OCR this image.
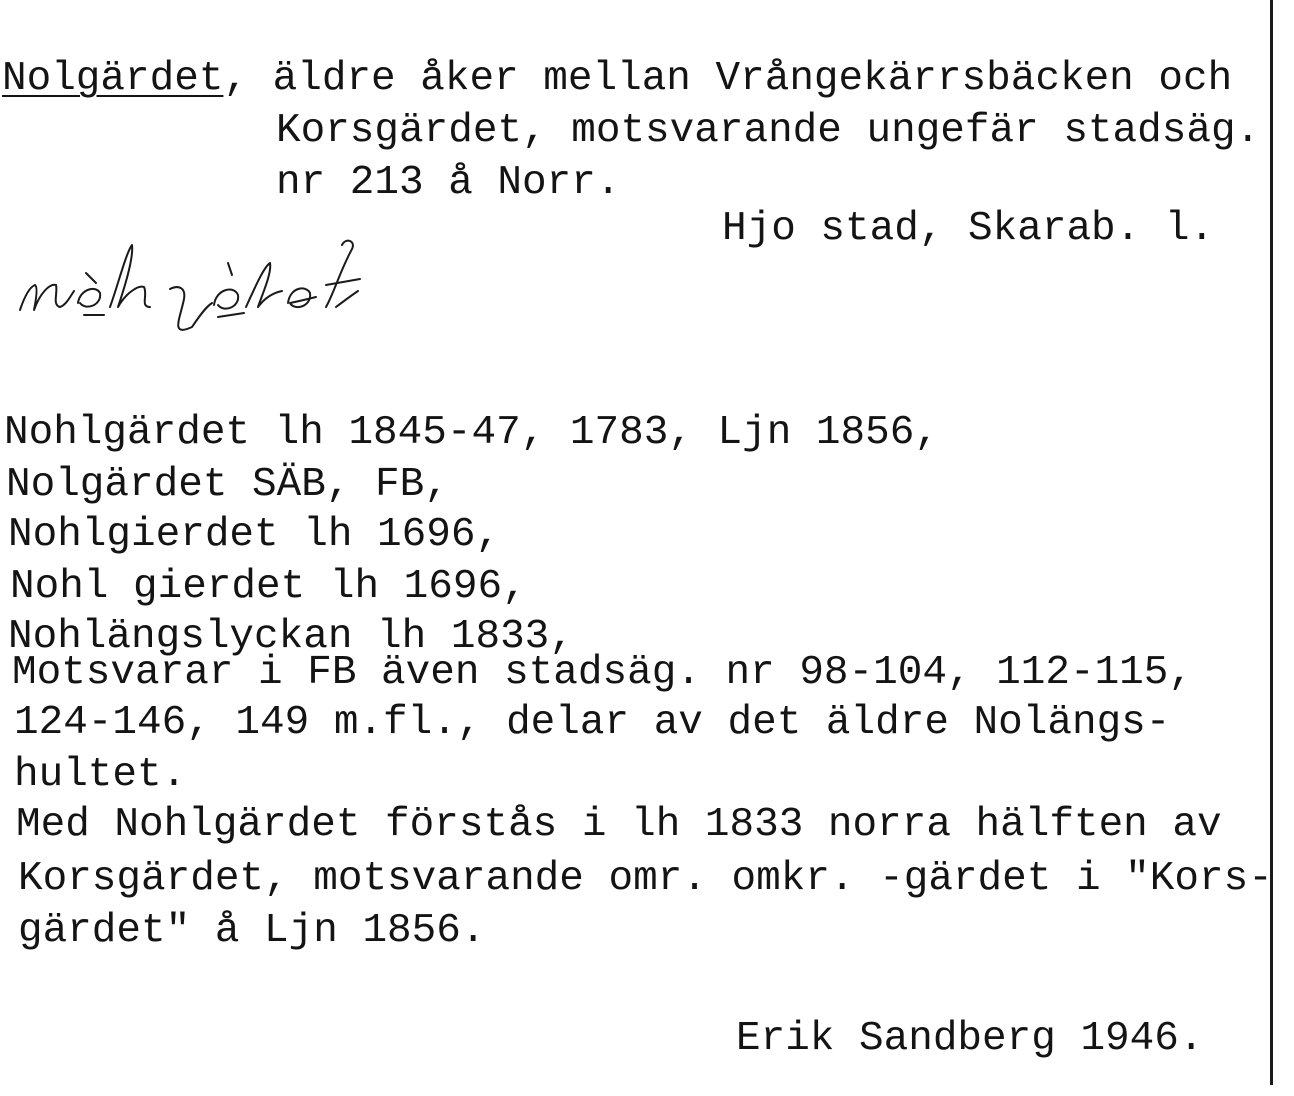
Nolgärdet, äldre åker mellan Vrångekärrsbäcken och
Korsgärdet, motsvarande ungefär stadsäg.
nr 213 å Norr.
Hjo stad, Skarab. l.
Nohlgärdet lh 1845-47, 1783, Ljn 1856,
Nolgärdet SÄB, FB,
Nohlgierdet lh 1696,
Nohl gierdet lh 1696,
Nohlängslyckan lh 1833,
Motsvarar i FB även stadsäg. nr 98-104, 112-115,
124-146, 149 m.fl., delar av det äldre Nolängs-
hultet.
Med Nohlgärdet förstås i lh 1833 norra hälften av
Korsgärdet, motsvarande omr. omkr. -gärdet i "Kors-
gärdet" å Ljn 1856.
Erik Sandberg 1946.
